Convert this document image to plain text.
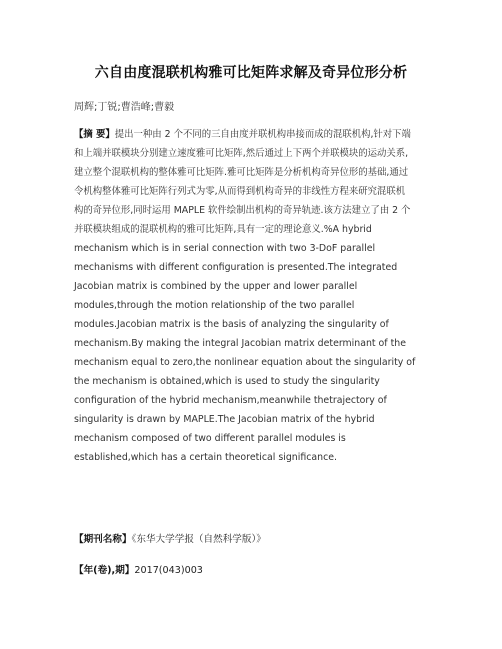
六自由度混联机构雅可比矩阵求解及奇异位形分析
周辉;丁锐;曹浩峰;曹毅

【摘 要】提出一种由 2 个不同的三自由度并联机构串接而成的混联机构,针对下端
和上端并联模块分别建立速度雅可比矩阵,然后通过上下两个并联模块的运动关系,
建立整个混联机构的整体雅可比矩阵.雅可比矩阵是分析机构奇异位形的基础,通过
令机构整体雅可比矩阵行列式为零,从而得到机构奇异的非线性方程来研究混联机
构的奇异位形,同时运用 MAPLE 软件绘制出机构的奇异轨迹.该方法建立了由 2 个
并联模块组成的混联机构的雅可比矩阵,具有一定的理论意义.%A hybrid

mechanism which is in serial connection with two 3-DoF parallel
mechanisms with different configuration is presented.The integrated
Jacobian matrix is combined by the upper and lower parallel
modules,through the motion relationship of the two parallel
modules.Jacobian matrix is the basis of analyzing the singularity of
mechanism.By making the integral Jacobian matrix determinant of the
mechanism equal to zero,the nonlinear equation about the singularity of
the mechanism is obtained,which is used to study the singularity
configuration of the hybrid mechanism,meanwhile thetrajectory of
singularity is drawn by MAPLE.The Jacobian matrix of the hybrid
mechanism composed of two different parallel modules is
established,which has a certain theoretical significance.

【期刊名称】《东华大学学报（自然科学版）》
【年(卷),期】2017(043)003
